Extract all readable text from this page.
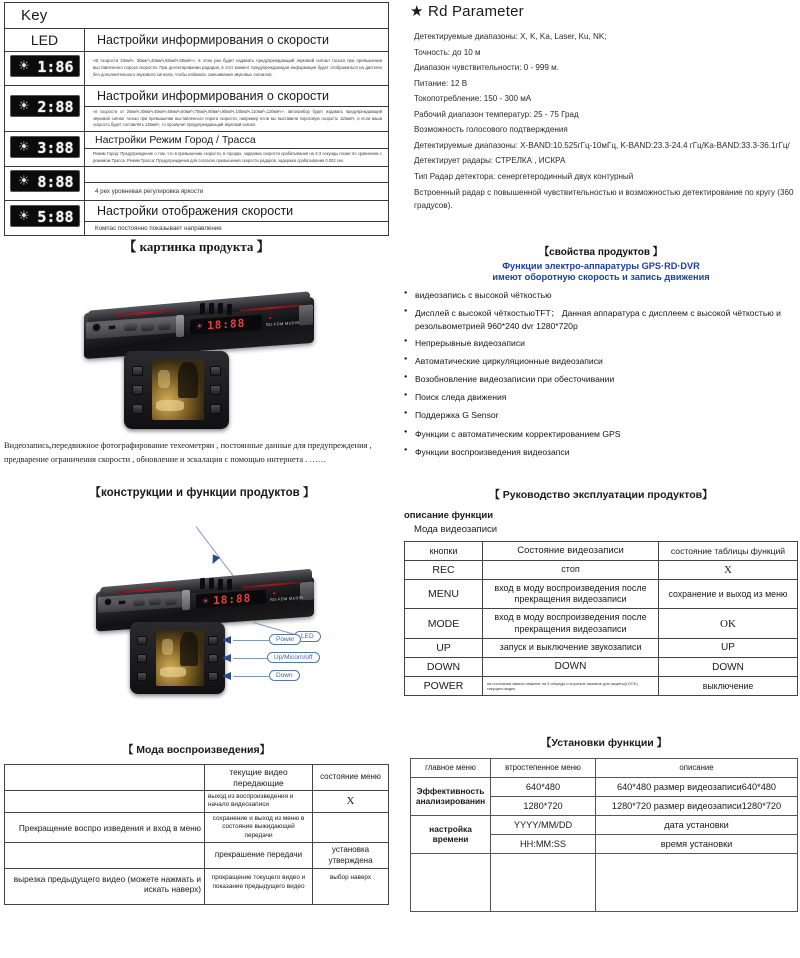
Key	
LED	Настройки информирования о скорости

☀ 1:86	«В скорости 20км/ч, 30км/ч,40км/ч,50км/ч,60км/ч», в этом раз будет издавать предупреждающий звуковой сигнал только при превышении выставленного порога скорости. При детектировании радаров, в этот момент предупреждающая информация будет отображаться на дисплее без дополнительного звукового сигнала, чтобы избежать смешивания звуковых сигналов.

☀ 2:88	Настройки информирования о скорости
	«в скорости от 20км/ч,30км/ч,40км/ч,50км/ч,60км/ч,70км/ч,80км/ч,90км/ч,100км/ч,110км/ч,120км/ч», автоприбор будет издавать предупреждающий звуковой сигнал только при превышении выставленного порога скорости, например если вы выставили пороговую скорость 110км/ч, и если ваша скорость будет составлять 115км/ч, то прозвучит предупреждающий звуковой сигнал.

☀ 3:88	Настройки Режим Город / Трасса
	Режим Город: Предупреждение о том, что в превышении скорости, в городах, задержка скорости срабатывания на 2-3 секунды позже по сравнению с режимом Трасса. Режим Трасса: Предупреждения для согласно превышения скорости радаров, задержка срабатывания 0.002 сек.

☀ 8:88	

	4 рех уровневая регулировка яркости

☀ 5:88	Настройки отображения скорости
	Компас постоянно показывает направление
★ Rd Parameter
Детектируемые диапазоны: X, K, Ka, Laser, Ku, NK;
Точность: до 10 м
Диапазон чувствительности: 0 - 999 м.
Питание: 12 В
Токопотребление: 150 - 300 мА
Рабочий диапазон температур: 25 - 75 Град
Возможность голосового подтверждения
Детектируемые диапазоны: X-BAND:10.525гГц-10мГц, K-BAND:23.3-24.4 гГц/Ka-BAND:33.3-36.1гГц/
Детектирует радары: СТРЕЛКА , ИСКРА
Тип Радар детектора: сенергетеродинный двух контурный
Встроенный радар с повышенной чувствительностью и возможностью детектирование по кругу (360 градусов).
【 картинка продукта 】
☀ 18:88	▲
RD-FDM MUSIN
Видеозапись,передвижное фотографирование техеометряи , постоянные данные для предупреждения , предварение ограничения скорости , обновление и эскалация с помощью интернета . ……
【свойства продуктов 】
Функции электро-аппаратуры GPS·RD·DVR
имеют оборотную скорость и запись движения
● видеозапись с высокой чёткостью
● Дисплей с высокой чёткостьюTFT； Данная аппаратура с дисплеем с высокой чёткостью и резольвометрией 960*240 dvr 1280*720p
● Непрерывные видеозаписи
● Автоматические циркуляционные видеозаписи
● Возобновление видеозаписии при обесточивании
● Поиск следа движения
● Поддержка G Sensor
● Функции с автоматическим корректированием GPS
● Функции воспроизведения видеозапси
【конструкции и функции продуктов 】
☀ 18:88	▲
RD-FDM MUSIN
LED
Power
Up/Micorn/off
Down
【 Руководство эксплуатации продуктов】
описание функции
Мода видеозаписи
кнопки	Состояние видеозаписи	состояние таблицы функций
REC	стоп	X
MENU	вход в моду воспроизведения после прекращения видеозаписи	сохранение и выход из меню
MODE	вход в моду воспроизведения после прекращения видеозаписи	OK
UP	запуск и выключение звукозаписи	UP
DOWN	DOWN	DOWN
POWER	на состоянии записи нажатие на 3 секунды и короткое нажатие для защиты(LOCK) текущего видео.	выключение
【 Мода воспроизведения】
	текущие видео передающие	состояние меню
	выход из воспроизведения и начало видеозаписи	X
Прекращение воспро изведения и вход в меню	сохранение и выход из меню в состояние выжидающей передачи	
	прекрашение передачи	установка утверждена
вырезка предыдущего видео (можете нажмать и искать наверх)	прокращение токущего видео и показание предыдущего видео	выбор наверх
【Установки функции 】
главное меню	втростепенное меню	описание
Эффективность анализированин	640*480	640*480 размер видеозаписи640*480
	1280*720	1280*720 размер видеозаписи1280*720
настройка времени	YYYY/MM/DD	дата установки
	HH:MM:SS	время установки
